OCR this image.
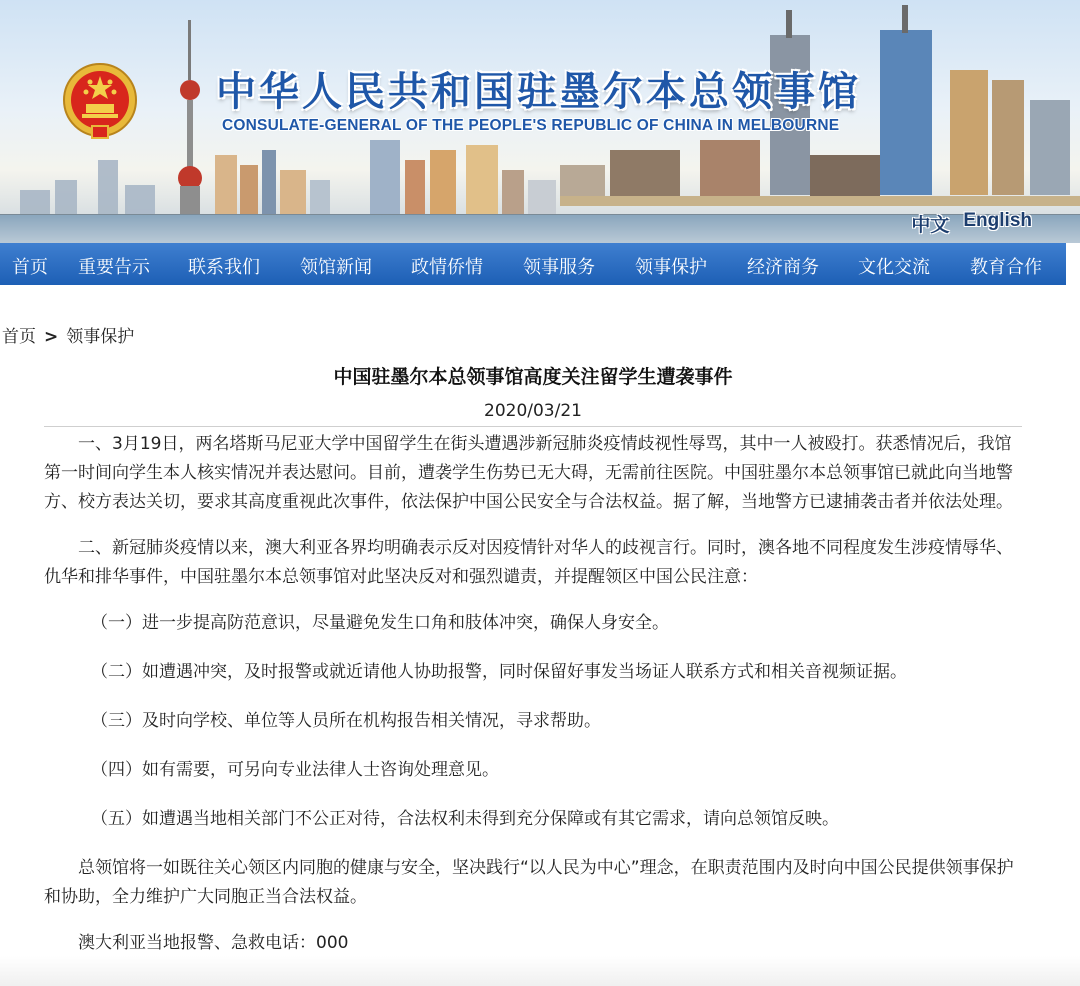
中华人民共和国驻墨尔本总领事馆
CONSULATE-GENERAL OF THE PEOPLE'S REPUBLIC OF CHINA IN MELBOURNE
中文 English
首页 重要告示 联系我们 领馆新闻 政情侨情 领事服务 领事保护 经济商务 文化交流 教育合作
首页 > 领事保护
中国驻墨尔本总领事馆高度关注留学生遭袭事件
2020/03/21

一、3月19日，两名塔斯马尼亚大学中国留学生在街头遭遇涉新冠肺炎疫情歧视性辱骂，其中一人被殴打。获悉情况后，我馆第一时间向学生本人核实情况并表达慰问。目前，遭袭学生伤势已无大碍，无需前往医院。中国驻墨尔本总领事馆已就此向当地警方、校方表达关切，要求其高度重视此次事件，依法保护中国公民安全与合法权益。据了解，当地警方已逮捕袭击者并依法处理。

二、新冠肺炎疫情以来，澳大利亚各界均明确表示反对因疫情针对华人的歧视言行。同时，澳各地不同程度发生涉疫情辱华、仇华和排华事件，中国驻墨尔本总领事馆对此坚决反对和强烈谴责，并提醒领区中国公民注意：

（一）进一步提高防范意识，尽量避免发生口角和肢体冲突，确保人身安全。

（二）如遭遇冲突，及时报警或就近请他人协助报警，同时保留好事发当场证人联系方式和相关音视频证据。

（三）及时向学校、单位等人员所在机构报告相关情况，寻求帮助。

（四）如有需要，可另向专业法律人士咨询处理意见。

（五）如遭遇当地相关部门不公正对待，合法权利未得到充分保障或有其它需求，请向总领馆反映。

总领馆将一如既往关心领区内同胞的健康与安全，坚决践行“以人民为中心”理念，在职责范围内及时向中国公民提供领事保护和协助，全力维护广大同胞正当合法权益。

澳大利亚当地报警、急救电话：000
